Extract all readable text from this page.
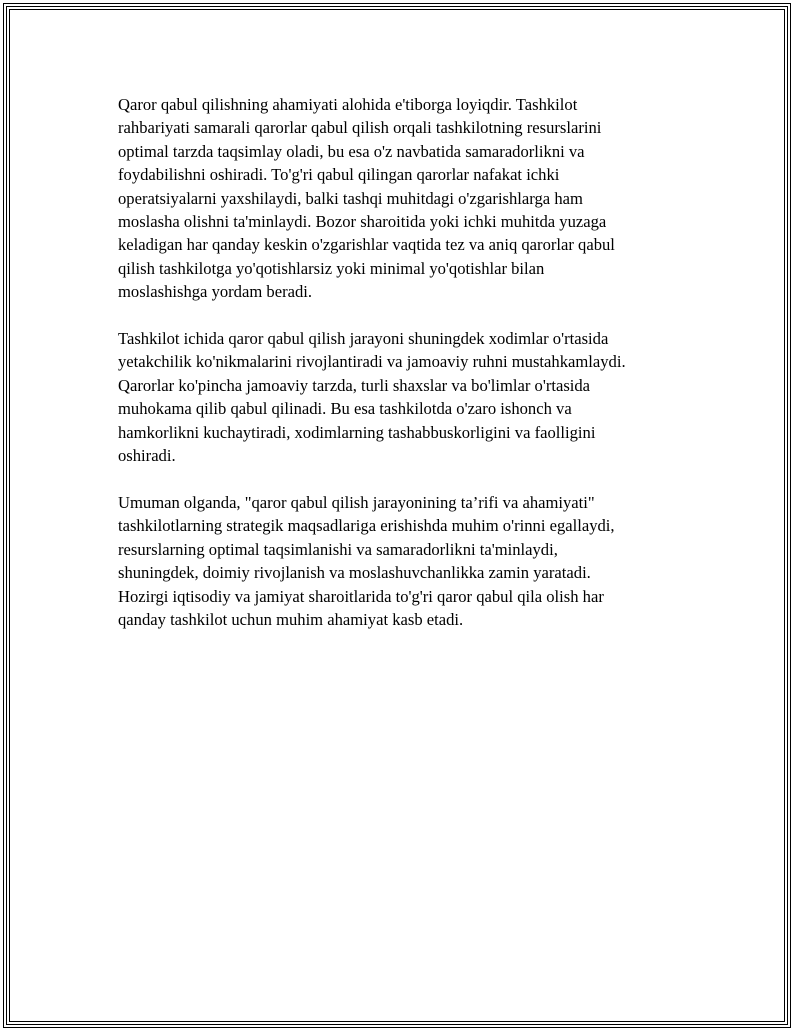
Qaror qabul qilishning ahamiyati alohida e'tiborga loyiqdir. Tashkilot
rahbariyati samarali qarorlar qabul qilish orqali tashkilotning resurslarini
optimal tarzda taqsimlay oladi, bu esa o'z navbatida samaradorlikni va
foydabilishni oshiradi. To'g'ri qabul qilingan qarorlar nafakat ichki
operatsiyalarni yaxshilaydi, balki tashqi muhitdagi o'zgarishlarga ham
moslasha olishni ta'minlaydi. Bozor sharoitida yoki ichki muhitda yuzaga
keladigan har qanday keskin o'zgarishlar vaqtida tez va aniq qarorlar qabul
qilish tashkilotga yo'qotishlarsiz yoki minimal yo'qotishlar bilan
moslashishga yordam beradi.

Tashkilot ichida qaror qabul qilish jarayoni shuningdek xodimlar o'rtasida
yetakchilik ko'nikmalarini rivojlantiradi va jamoaviy ruhni mustahkamlaydi.
Qarorlar ko'pincha jamoaviy tarzda, turli shaxslar va bo'limlar o'rtasida
muhokama qilib qabul qilinadi. Bu esa tashkilotda o'zaro ishonch va
hamkorlikni kuchaytiradi, xodimlarning tashabbuskorligini va faolligini
oshiradi.

Umuman olganda, "qaror qabul qilish jarayonining ta’rifi va ahamiyati"
tashkilotlarning strategik maqsadlariga erishishda muhim o'rinni egallaydi,
resurslarning optimal taqsimlanishi va samaradorlikni ta'minlaydi,
shuningdek, doimiy rivojlanish va moslashuvchanlikka zamin yaratadi.
Hozirgi iqtisodiy va jamiyat sharoitlarida to'g'ri qaror qabul qila olish har
qanday tashkilot uchun muhim ahamiyat kasb etadi.
